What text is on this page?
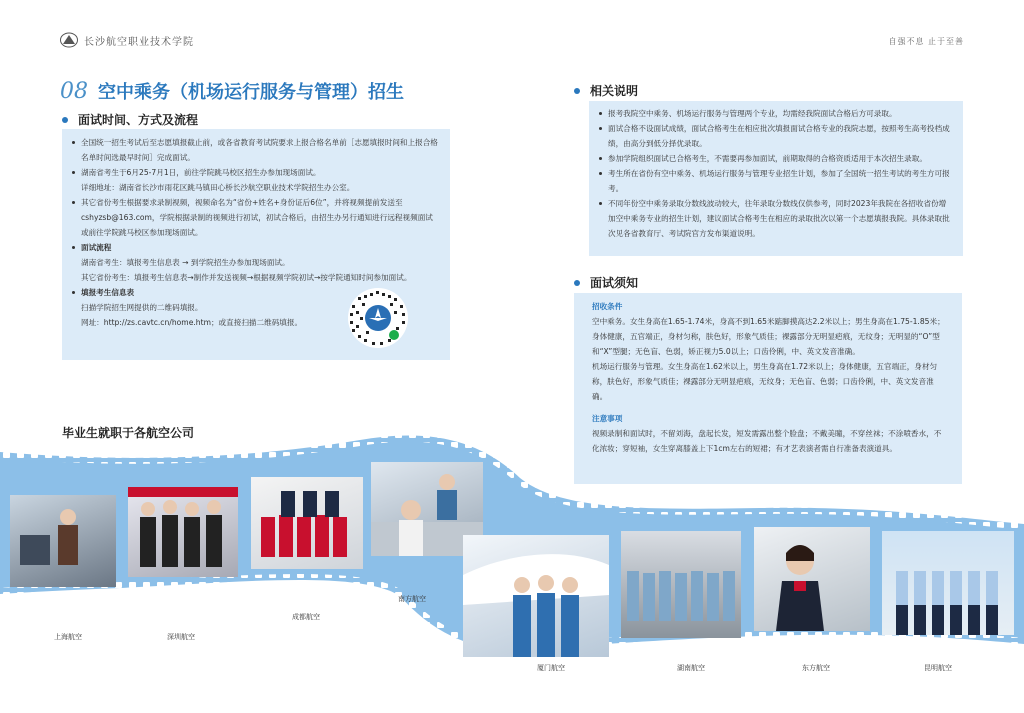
长沙航空职业技术学院	自强不息 止于至善
08 空中乘务（机场运行服务与管理）招生
面试时间、方式及流程
全国统一招生考试后至志愿填报截止前，或各省教育考试院要求上报合格名单前［志愿填报时间和上报合格名单时间选最早时间］完成面试。
湖南省考生于6月25-7月1日，前往学院跳马校区招生办参加现场面试。
详细地址：湖南省长沙市雨花区跳马镇田心桥长沙航空职业技术学院招生办公室。
其它省份考生根据要求录制视频，视频命名为“省份+姓名+身份证后6位”，并将视频提前发送至cshyzsb@163.com，学院根据录制的视频进行初试，初试合格后，由招生办另行通知进行远程视频面试或前往学院跳马校区参加现场面试。
面试流程
湖南省考生：填报考生信息表 → 到学院招生办参加现场面试。
其它省份考生：填报考生信息表→制作并发送视频→根据视频学院初试→按学院通知时间参加面试。
填报考生信息表
扫描学院招生网提供的二维码填报。
网址：http://zs.cavtc.cn/home.htm；或直接扫描二维码填报。
相关说明
报考我院空中乘务、机场运行服务与管理两个专业，均需经我院面试合格后方可录取。
面试合格不设面试成绩，面试合格考生在相应批次填报面试合格专业的我院志愿，按照考生高考投档成绩，由高分到低分择优录取。
参加学院组织面试已合格考生，不需要再参加面试，前期取得的合格资质适用于本次招生录取。
考生所在省份有空中乘务、机场运行服务与管理专业招生计划，参加了全国统一招生考试的考生方可报考。
不同年份空中乘务录取分数线波动较大，往年录取分数线仅供参考，同时2023年我院在各招收省份增加空中乘务专业的招生计划，建议面试合格考生在相应的录取批次以第一个志愿填报我院。具体录取批次见各省教育厅、考试院官方发布渠道说明。
面试须知
招收条件
空中乘务。女生身高在1.65-1.74米，身高不到1.65米踮脚摸高达2.2米以上；男生身高在1.75-1.85米；身体健康，五官端正，身材匀称，肤色好，形象气质佳；裸露部分无明显疤痕，无纹身；无明显的“O”型和“X”型腿；无色盲、色弱，矫正视力5.0以上；口齿伶俐，中、英文发音准确。
机场运行服务与管理。女生身高在1.62米以上，男生身高在1.72米以上；身体健康，五官端正，身材匀称，肤色好，形象气质佳；裸露部分无明显疤痕，无纹身；无色盲、色弱；口齿伶俐，中、英文发音准确。
注意事项
视频录制和面试时，不留刘海，盘起长发，短发需露出整个脸盘；不戴美瞳，不穿丝袜；不涂喷香水，不化浓妆；穿短袖，女生穿离膝盖上下1cm左右的短裙；有才艺表演者需自行准备表演道具。
毕业生就职于各航空公司
上海航空	深圳航空
成都航空
南方航空
厦门航空	湖南航空	东方航空	昆明航空
